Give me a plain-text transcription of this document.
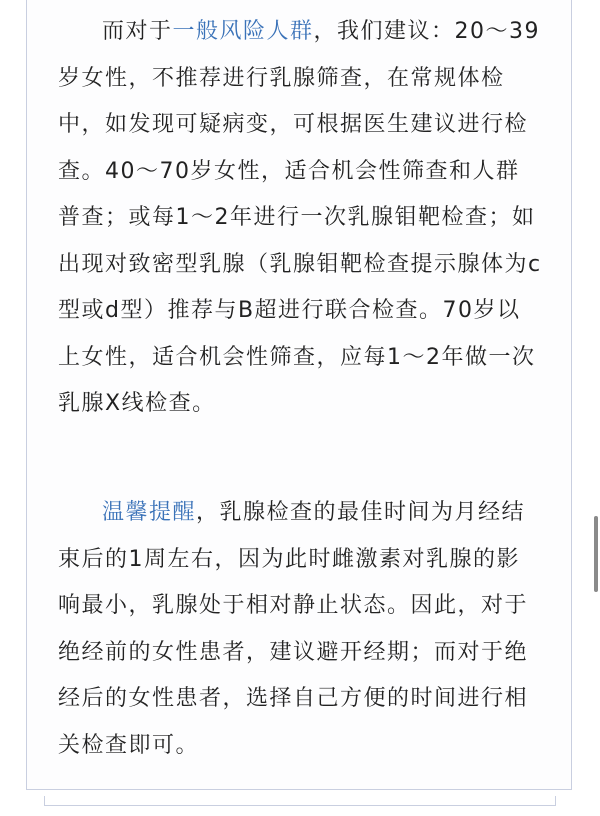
而对于一般风险人群，我们建议：20～39岁女性，不推荐进行乳腺筛查，在常规体检中，如发现可疑病变，可根据医生建议进行检查。40～70岁女性，适合机会性筛查和人群普查；或每1～2年进行一次乳腺钼靶检查；如出现对致密型乳腺（乳腺钼靶检查提示腺体为c型或d型）推荐与B超进行联合检查。70岁以上女性，适合机会性筛查，应每1～2年做一次乳腺X线检查。

温馨提醒，乳腺检查的最佳时间为月经结束后的1周左右，因为此时雌激素对乳腺的影响最小，乳腺处于相对静止状态。因此，对于绝经前的女性患者，建议避开经期；而对于绝经后的女性患者，选择自己方便的时间进行相关检查即可。
